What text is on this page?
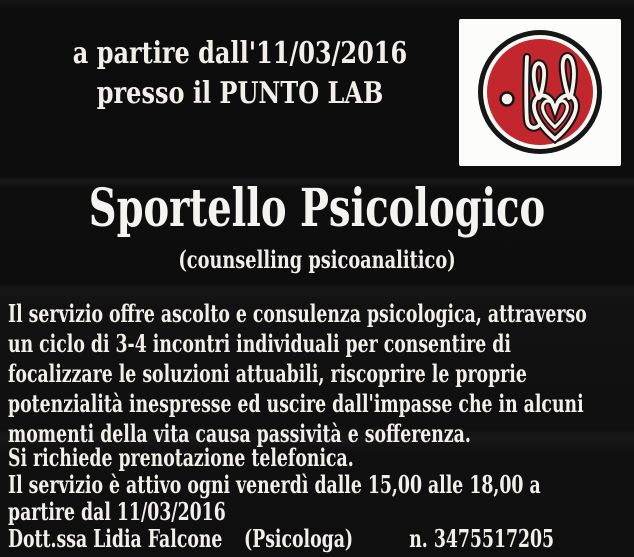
a partire dall'11/03/2016
presso il PUNTO LAB
Sportello Psicologico
(counselling psicoanalitico)
Il servizio offre ascolto e consulenza psicologica, attraverso
un ciclo di 3-4 incontri individuali per consentire di
focalizzare le soluzioni attuabili, riscoprire le proprie
potenzialità inespresse ed uscire dall'impasse che in alcuni
momenti della vita causa passività e sofferenza.
Si richiede prenotazione telefonica.
Il servizio è attivo ogni venerdì dalle 15,00 alle 18,00 a
partire dal 11/03/2016
Dott.ssa Lidia Falcone (Psicologa) n. 3475517205
